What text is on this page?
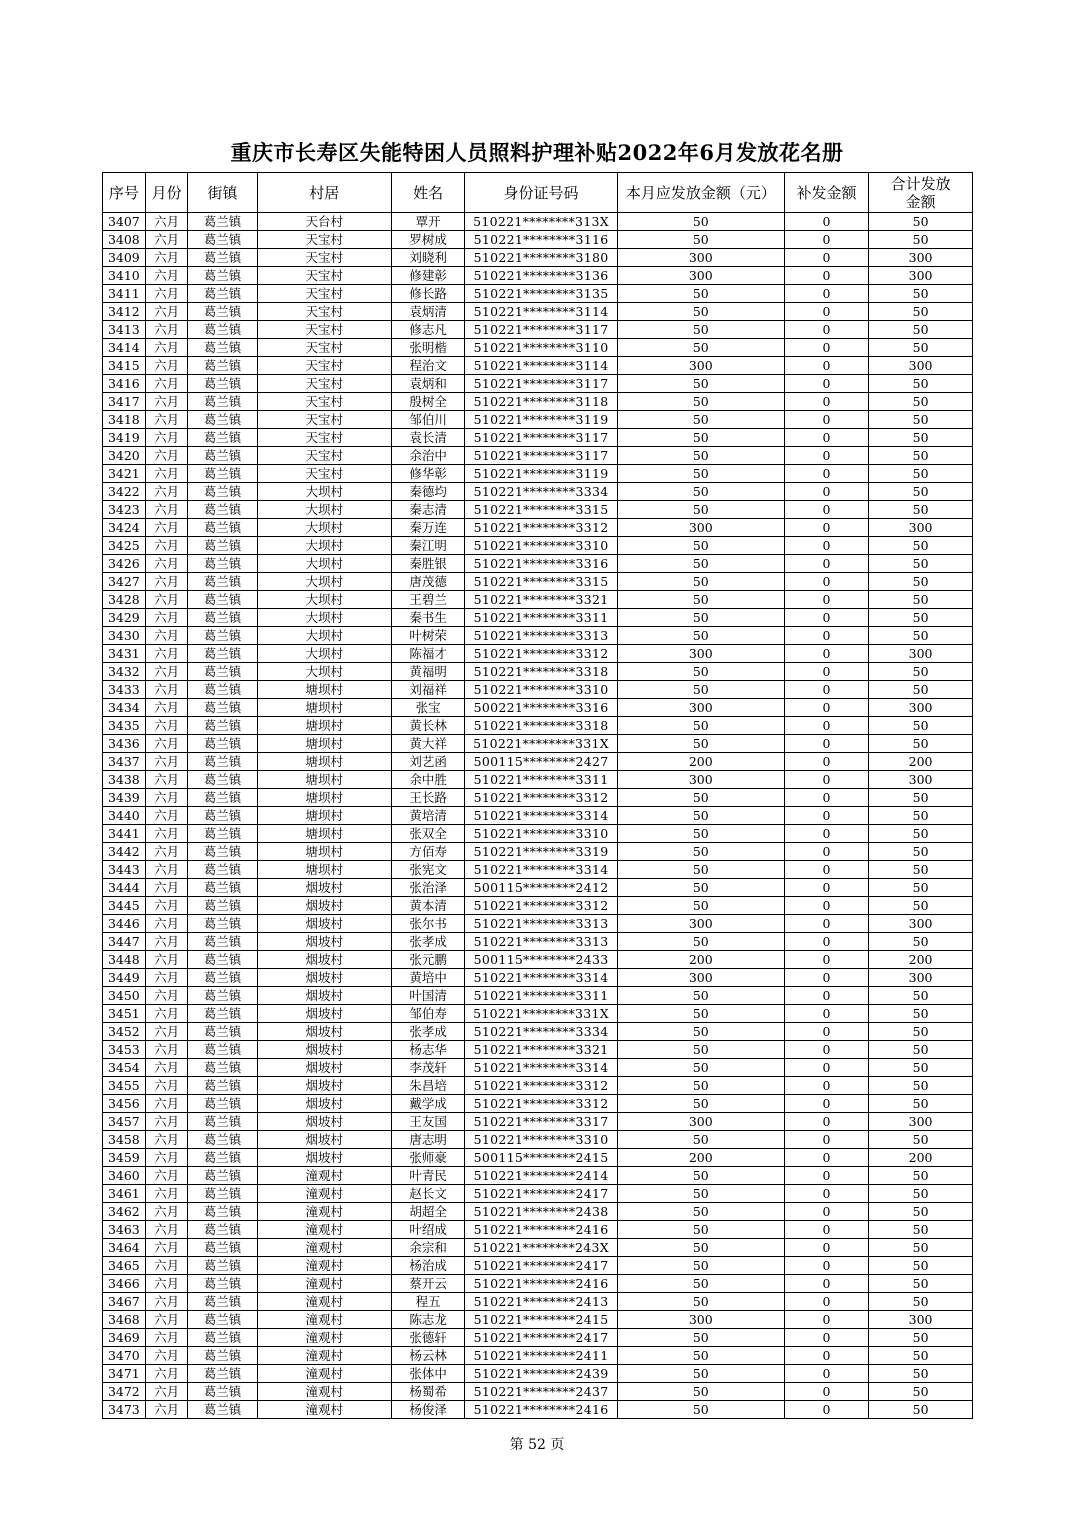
重庆市长寿区失能特困人员照料护理补贴2022年6月发放花名册
序号	月份	街镇	村居	姓名	身份证号码	本月应发放金额（元）	补发金额	合计发放金额
3407	六月	葛兰镇	天台村	覃开	510221********313X	50	0	50
3408	六月	葛兰镇	天宝村	罗树成	510221********3116	50	0	50
3409	六月	葛兰镇	天宝村	刘晓利	510221********3180	300	0	300
3410	六月	葛兰镇	天宝村	修建彰	510221********3136	300	0	300
3411	六月	葛兰镇	天宝村	修长路	510221********3135	50	0	50
3412	六月	葛兰镇	天宝村	袁炳清	510221********3114	50	0	50
3413	六月	葛兰镇	天宝村	修志凡	510221********3117	50	0	50
3414	六月	葛兰镇	天宝村	张明楷	510221********3110	50	0	50
3415	六月	葛兰镇	天宝村	程治文	510221********3114	300	0	300
3416	六月	葛兰镇	天宝村	袁炳和	510221********3117	50	0	50
3417	六月	葛兰镇	天宝村	殷树全	510221********3118	50	0	50
3418	六月	葛兰镇	天宝村	邹伯川	510221********3119	50	0	50
3419	六月	葛兰镇	天宝村	袁长清	510221********3117	50	0	50
3420	六月	葛兰镇	天宝村	余治中	510221********3117	50	0	50
3421	六月	葛兰镇	天宝村	修华彰	510221********3119	50	0	50
3422	六月	葛兰镇	大坝村	秦德均	510221********3334	50	0	50
3423	六月	葛兰镇	大坝村	秦志清	510221********3315	50	0	50
3424	六月	葛兰镇	大坝村	秦万连	510221********3312	300	0	300
3425	六月	葛兰镇	大坝村	秦江明	510221********3310	50	0	50
3426	六月	葛兰镇	大坝村	秦胜银	510221********3316	50	0	50
3427	六月	葛兰镇	大坝村	唐茂德	510221********3315	50	0	50
3428	六月	葛兰镇	大坝村	王碧兰	510221********3321	50	0	50
3429	六月	葛兰镇	大坝村	秦书生	510221********3311	50	0	50
3430	六月	葛兰镇	大坝村	叶树荣	510221********3313	50	0	50
3431	六月	葛兰镇	大坝村	陈福才	510221********3312	300	0	300
3432	六月	葛兰镇	大坝村	黄福明	510221********3318	50	0	50
3433	六月	葛兰镇	塘坝村	刘福祥	510221********3310	50	0	50
3434	六月	葛兰镇	塘坝村	张宝	500221********3316	300	0	300
3435	六月	葛兰镇	塘坝村	黄长林	510221********3318	50	0	50
3436	六月	葛兰镇	塘坝村	黄大祥	510221********331X	50	0	50
3437	六月	葛兰镇	塘坝村	刘艺函	500115********2427	200	0	200
3438	六月	葛兰镇	塘坝村	余中胜	510221********3311	300	0	300
3439	六月	葛兰镇	塘坝村	王长路	510221********3312	50	0	50
3440	六月	葛兰镇	塘坝村	黄培清	510221********3314	50	0	50
3441	六月	葛兰镇	塘坝村	张双全	510221********3310	50	0	50
3442	六月	葛兰镇	塘坝村	方佰寿	510221********3319	50	0	50
3443	六月	葛兰镇	塘坝村	张宪文	510221********3314	50	0	50
3444	六月	葛兰镇	烟坡村	张治泽	500115********2412	50	0	50
3445	六月	葛兰镇	烟坡村	黄本清	510221********3312	50	0	50
3446	六月	葛兰镇	烟坡村	张尔书	510221********3313	300	0	300
3447	六月	葛兰镇	烟坡村	张孝成	510221********3313	50	0	50
3448	六月	葛兰镇	烟坡村	张元鹏	500115********2433	200	0	200
3449	六月	葛兰镇	烟坡村	黄培中	510221********3314	300	0	300
3450	六月	葛兰镇	烟坡村	叶国清	510221********3311	50	0	50
3451	六月	葛兰镇	烟坡村	邹伯寿	510221********331X	50	0	50
3452	六月	葛兰镇	烟坡村	张孝成	510221********3334	50	0	50
3453	六月	葛兰镇	烟坡村	杨志华	510221********3321	50	0	50
3454	六月	葛兰镇	烟坡村	李茂轩	510221********3314	50	0	50
3455	六月	葛兰镇	烟坡村	朱昌培	510221********3312	50	0	50
3456	六月	葛兰镇	烟坡村	戴学成	510221********3312	50	0	50
3457	六月	葛兰镇	烟坡村	王友国	510221********3317	300	0	300
3458	六月	葛兰镇	烟坡村	唐志明	510221********3310	50	0	50
3459	六月	葛兰镇	烟坡村	张师豪	500115********2415	200	0	200
3460	六月	葛兰镇	潼观村	叶青民	510221********2414	50	0	50
3461	六月	葛兰镇	潼观村	赵长文	510221********2417	50	0	50
3462	六月	葛兰镇	潼观村	胡超全	510221********2438	50	0	50
3463	六月	葛兰镇	潼观村	叶绍成	510221********2416	50	0	50
3464	六月	葛兰镇	潼观村	余宗和	510221********243X	50	0	50
3465	六月	葛兰镇	潼观村	杨治成	510221********2417	50	0	50
3466	六月	葛兰镇	潼观村	蔡开云	510221********2416	50	0	50
3467	六月	葛兰镇	潼观村	程五	510221********2413	50	0	50
3468	六月	葛兰镇	潼观村	陈志龙	510221********2415	300	0	300
3469	六月	葛兰镇	潼观村	张德轩	510221********2417	50	0	50
3470	六月	葛兰镇	潼观村	杨云林	510221********2411	50	0	50
3471	六月	葛兰镇	潼观村	张体中	510221********2439	50	0	50
3472	六月	葛兰镇	潼观村	杨蜀希	510221********2437	50	0	50
3473	六月	葛兰镇	潼观村	杨俊泽	510221********2416	50	0	50
第 52 页
